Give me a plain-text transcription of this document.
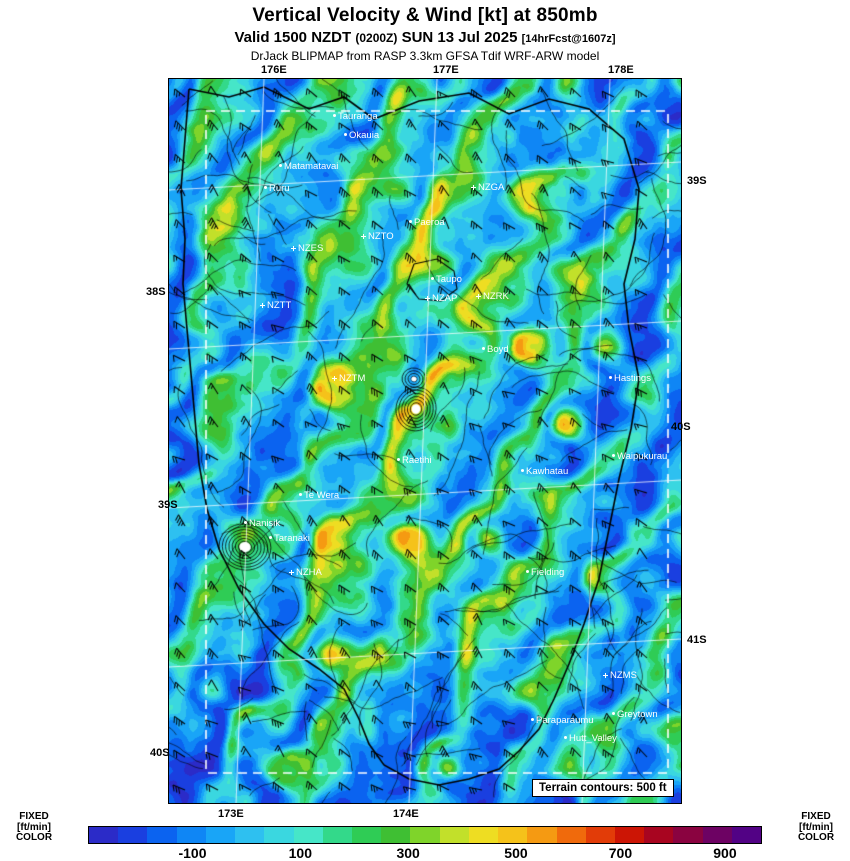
Vertical Velocity & Wind [kt] at 850mb
Valid 1500 NZDT (0200Z) SUN 13 Jul 2025 [14hrFcst@1607z]
DrJack BLIPMAP from RASP 3.3km GFSA Tdif WRF-ARW model
Tauranga
Okauia
Matamatavai
Ruru
Paeroa
Taupo
Boyd
Hastings
Waipukurau
Raetihi
Kawhatau
Te Wera
Nanisik
Taranaki
Fielding
Greytown
Paraparaumu
Hutt_Valley
NZGA
NZTO
NZES
NZTT
NZAP	NZRK
NZTM
NZHA
NZMS
Terrain contours: 500 ft
FIXED
[ft/min]
COLOR
FIXED
[ft/min]
COLOR
-100	100	300	500	700	900
176E	177E	178E
173E	174E
39S
38S
40S
39S
41S
40S
